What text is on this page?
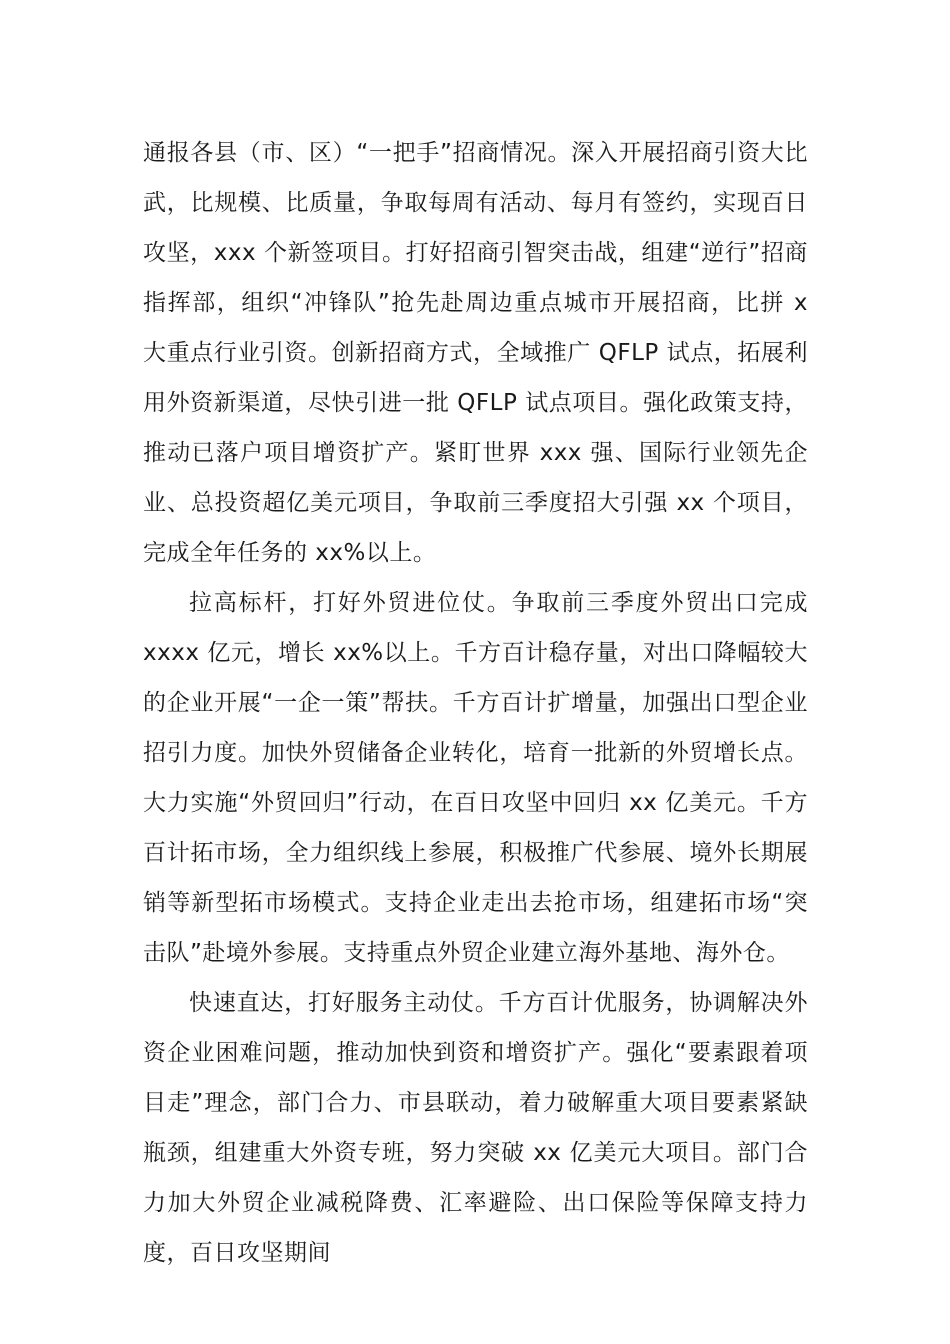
通报各县（市、区）“一把手”招商情况。深入开展招商引资大比武，比规模、比质量，争取每周有活动、每月有签约，实现百日攻坚，xxx 个新签项目。打好招商引智突击战，组建“逆行”招商指挥部，组织“冲锋队”抢先赴周边重点城市开展招商，比拼 x 大重点行业引资。创新招商方式，全域推广 QFLP 试点，拓展利用外资新渠道，尽快引进一批 QFLP 试点项目。强化政策支持，推动已落户项目增资扩产。紧盯世界 xxx 强、国际行业领先企业、总投资超亿美元项目，争取前三季度招大引强 xx 个项目，完成全年任务的 xx%以上。

拉高标杆，打好外贸进位仗。争取前三季度外贸出口完成 xxxx 亿元，增长 xx%以上。千方百计稳存量，对出口降幅较大的企业开展“一企一策”帮扶。千方百计扩增量，加强出口型企业招引力度。加快外贸储备企业转化，培育一批新的外贸增长点。大力实施“外贸回归”行动，在百日攻坚中回归 xx 亿美元。千方百计拓市场，全力组织线上参展，积极推广代参展、境外长期展销等新型拓市场模式。支持企业走出去抢市场，组建拓市场“突击队”赴境外参展。支持重点外贸企业建立海外基地、海外仓。

快速直达，打好服务主动仗。千方百计优服务，协调解决外资企业困难问题，推动加快到资和增资扩产。强化“要素跟着项目走”理念，部门合力、市县联动，着力破解重大项目要素紧缺瓶颈，组建重大外资专班，努力突破 xx 亿美元大项目。部门合力加大外贸企业减税降费、汇率避险、出口保险等保障支持力度，百日攻坚期间
